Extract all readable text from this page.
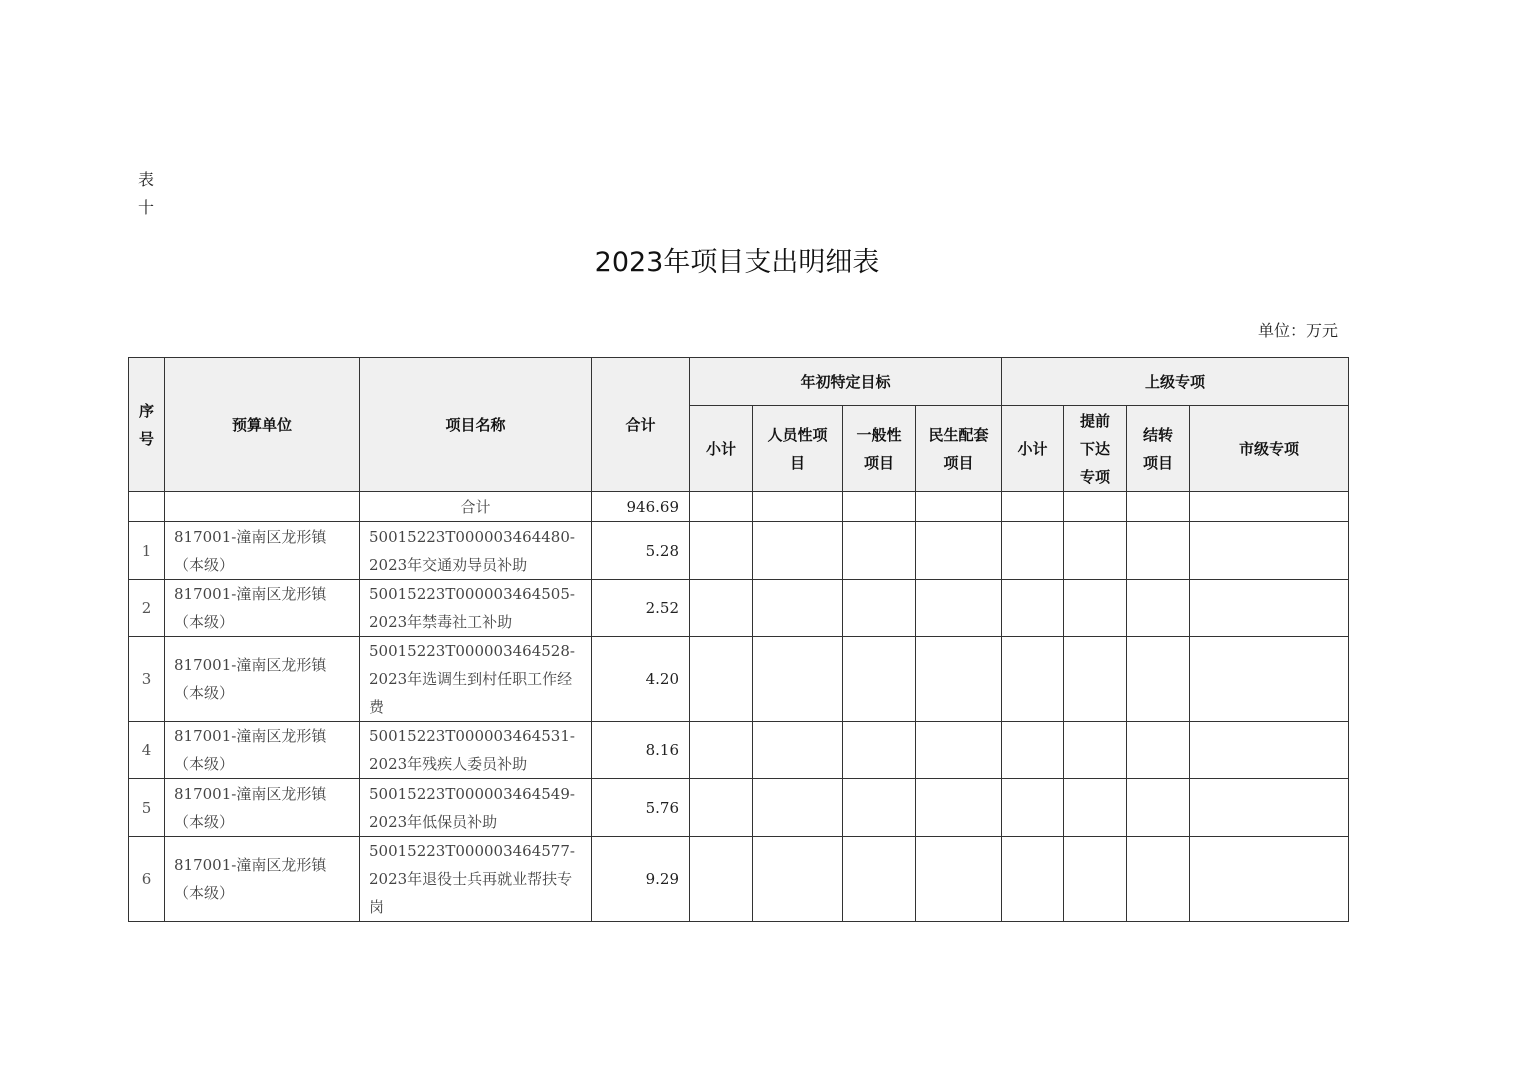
表十
2023年项目支出明细表
单位：万元
序号	预算单位	项目名称	合计	年初特定目标				上级专项			
				小计	人员性项目	一般性项目	民生配套项目	小计	提前下达专项	结转项目	市级专项
		合计	946.69								
1	817001-潼南区龙形镇（本级）	50015223T000003464480-2023年交通劝导员补助	5.28								
2	817001-潼南区龙形镇（本级）	50015223T000003464505-2023年禁毒社工补助	2.52								
3	817001-潼南区龙形镇（本级）	50015223T000003464528-2023年选调生到村任职工作经费	4.20								
4	817001-潼南区龙形镇（本级）	50015223T000003464531-2023年残疾人委员补助	8.16								
5	817001-潼南区龙形镇（本级）	50015223T000003464549-2023年低保员补助	5.76								
6	817001-潼南区龙形镇（本级）	50015223T000003464577-2023年退役士兵再就业帮扶专岗	9.29								
